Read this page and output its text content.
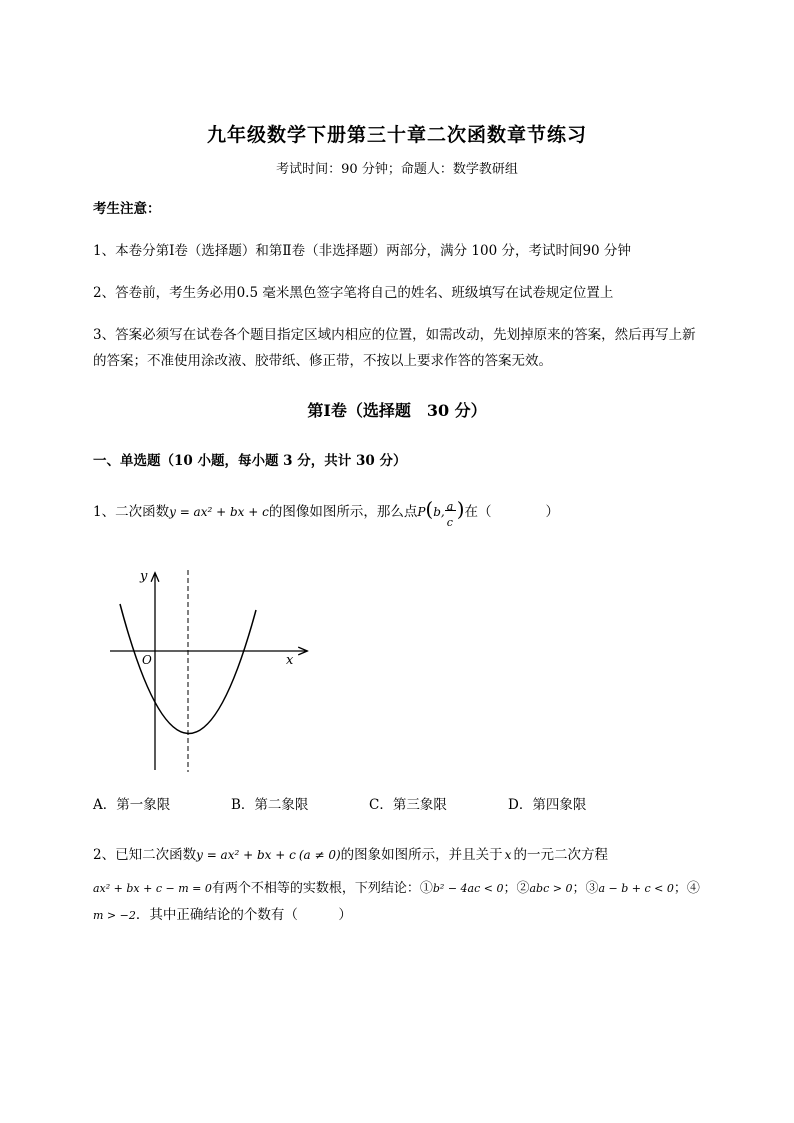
九年级数学下册第三十章二次函数章节练习
考试时间：90 分钟；命题人：数学教研组
考生注意：
1、本卷分第Ⅰ卷（选择题）和第Ⅱ卷（非选择题）两部分，满分 100 分，考试时间90 分钟
2、答卷前，考生务必用0.5 毫米黑色签字笔将自己的姓名、班级填写在试卷规定位置上
3、答案必须写在试卷各个题目指定区域内相应的位置，如需改动，先划掉原来的答案，然后再写上新
的答案；不准使用涂改液、胶带纸、修正带，不按以上要求作答的答案无效。
第Ⅰ卷（选择题　30 分）
一、单选题（10 小题，每小题 3 分，共计 30 分）
1、二次函数y = ax² + bx + c的图像如图所示，那么点P(b, a
c
)在（　　　　）
y
x
O
A．第一象限	B．第二象限	C．第三象限	D．第四象限
2、已知二次函数y = ax² + bx + c (a ≠ 0)的图象如图所示，并且关于 x 的一元二次方程
ax² + bx + c − m = 0有两个不相等的实数根，下列结论：①b² − 4ac < 0；②abc > 0；③a − b + c < 0；④
m > −2．其中正确结论的个数有（　　　）
